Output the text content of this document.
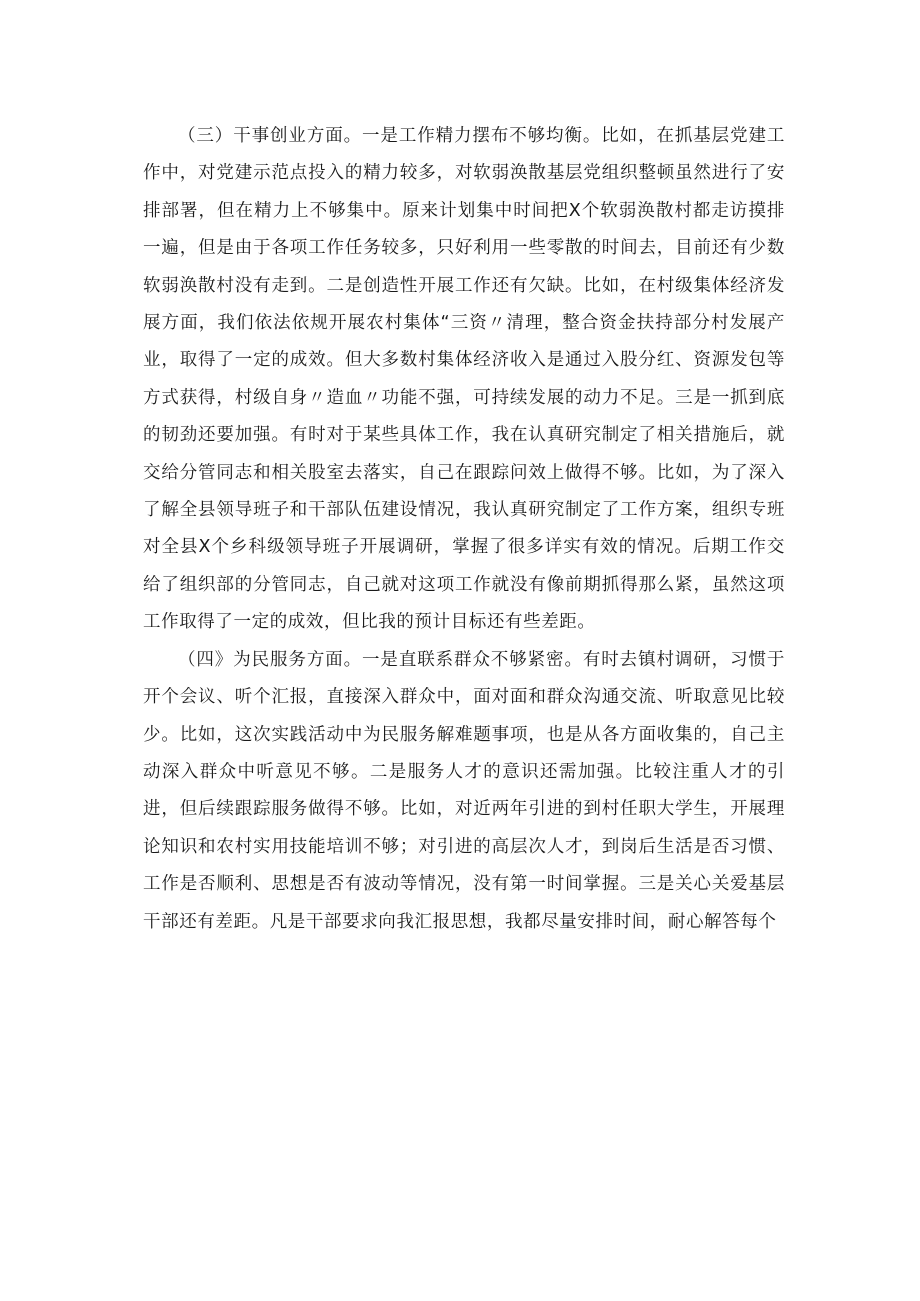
（三）干事创业方面。一是工作精力摆布不够均衡。比如，在抓基层党建工作中，对党建示范点投入的精力较多，对软弱涣散基层党组织整顿虽然进行了安排部署，但在精力上不够集中。原来计划集中时间把X个软弱涣散村都走访摸排一遍，但是由于各项工作任务较多，只好利用一些零散的时间去，目前还有少数软弱涣散村没有走到。二是创造性开展工作还有欠缺。比如，在村级集体经济发展方面，我们依法依规开展农村集体“三资〃清理，整合资金扶持部分村发展产业，取得了一定的成效。但大多数村集体经济收入是通过入股分红、资源发包等方式获得，村级自身〃造血〃功能不强，可持续发展的动力不足。三是一抓到底的韧劲还要加强。有时对于某些具体工作，我在认真研究制定了相关措施后，就交给分管同志和相关股室去落实，自己在跟踪问效上做得不够。比如，为了深入了解全县领导班子和干部队伍建设情况，我认真研究制定了工作方案，组织专班对全县X个乡科级领导班子开展调研，掌握了很多详实有效的情况。后期工作交给了组织部的分管同志，自己就对这项工作就没有像前期抓得那么紧，虽然这项工作取得了一定的成效，但比我的预计目标还有些差距。

（四》为民服务方面。一是直联系群众不够紧密。有时去镇村调研，习惯于开个会议、听个汇报，直接深入群众中，面对面和群众沟通交流、听取意见比较少。比如，这次实践活动中为民服务解难题事项，也是从各方面收集的，自己主动深入群众中听意见不够。二是服务人才的意识还需加强。比较注重人才的引进，但后续跟踪服务做得不够。比如，对近两年引进的到村任职大学生，开展理论知识和农村实用技能培训不够；对引进的高层次人才，到岗后生活是否习惯、工作是否顺利、思想是否有波动等情况，没有第一时间掌握。三是关心关爱基层干部还有差距。凡是干部要求向我汇报思想，我都尽量安排时间，耐心解答每个
